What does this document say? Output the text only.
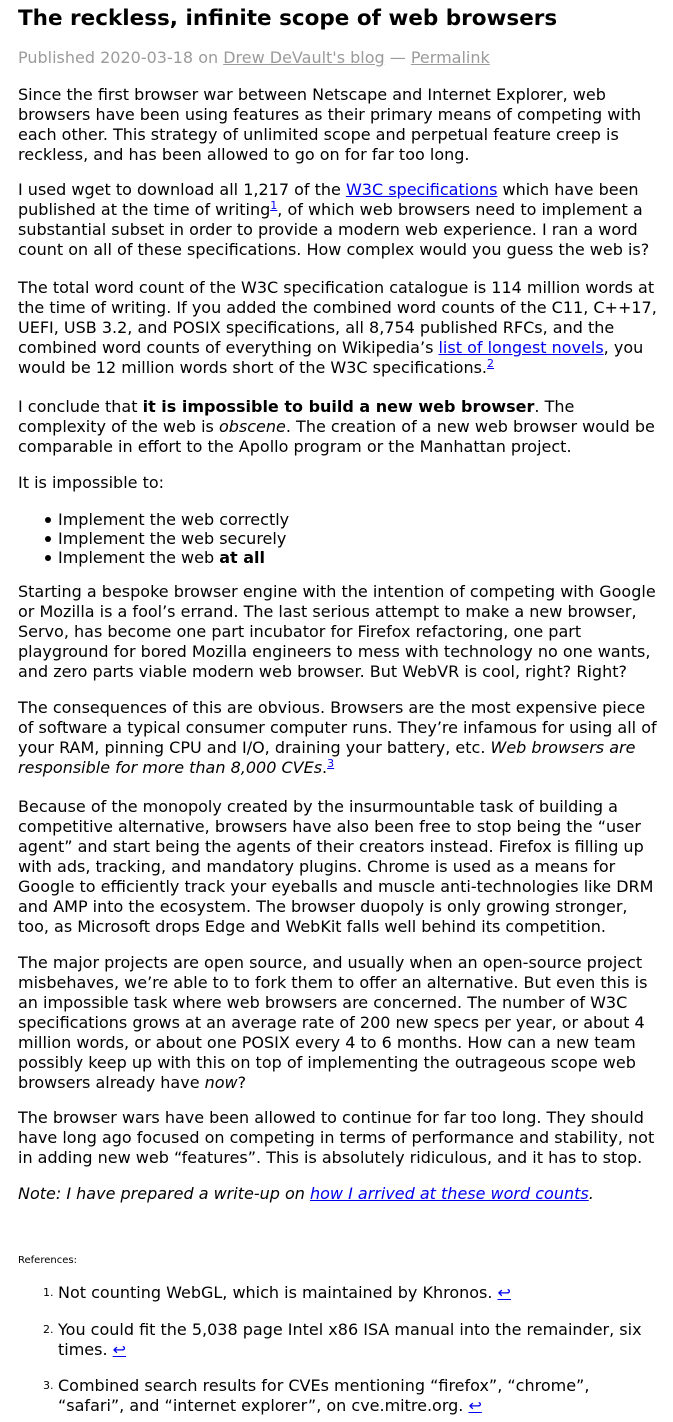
The reckless, infinite scope of web browsers
Published 2020-03-18 on Drew DeVault's blog — Permalink
Since the first browser war between Netscape and Internet Explorer, web
browsers have been using features as their primary means of competing with
each other. This strategy of unlimited scope and perpetual feature creep is
reckless, and has been allowed to go on for far too long.
I used wget to download all 1,217 of the W3C specifications which have been
published at the time of writing$^1$, of which web browsers need to implement a
substantial subset in order to provide a modern web experience. I ran a word
count on all of these specifications. How complex would you guess the web is?
The total word count of the W3C specification catalogue is 114 million words at
the time of writing. If you added the combined word counts of the C11, C++17,
UEFI, USB 3.2, and POSIX specifications, all 8,754 published RFCs, and the
combined word counts of everything on Wikipedia’s list of longest novels, you
would be 12 million words short of the W3C specifications.$^2$
I conclude that it is impossible to build a new web browser. The
complexity of the web is obscene. The creation of a new web browser would be
comparable in effort to the Apollo program or the Manhattan project.
It is impossible to:
Implement the web correctly
Implement the web securely
Implement the web at all
Starting a bespoke browser engine with the intention of competing with Google
or Mozilla is a fool’s errand. The last serious attempt to make a new browser,
Servo, has become one part incubator for Firefox refactoring, one part
playground for bored Mozilla engineers to mess with technology no one wants,
and zero parts viable modern web browser. But WebVR is cool, right? Right?
The consequences of this are obvious. Browsers are the most expensive piece
of software a typical consumer computer runs. They’re infamous for using all of
your RAM, pinning CPU and I/O, draining your battery, etc. Web browsers are
responsible for more than 8,000 CVEs.$^3$
Because of the monopoly created by the insurmountable task of building a
competitive alternative, browsers have also been free to stop being the “user
agent” and start being the agents of their creators instead. Firefox is filling up
with ads, tracking, and mandatory plugins. Chrome is used as a means for
Google to efficiently track your eyeballs and muscle anti-technologies like DRM
and AMP into the ecosystem. The browser duopoly is only growing stronger,
too, as Microsoft drops Edge and WebKit falls well behind its competition.
The major projects are open source, and usually when an open-source project
misbehaves, we’re able to to fork them to offer an alternative. But even this is
an impossible task where web browsers are concerned. The number of W3C
specifications grows at an average rate of 200 new specs per year, or about 4
million words, or about one POSIX every 4 to 6 months. How can a new team
possibly keep up with this on top of implementing the outrageous scope web
browsers already have now?
The browser wars have been allowed to continue for far too long. They should
have long ago focused on competing in terms of performance and stability, not
in adding new web “features”. This is absolutely ridiculous, and it has to stop.
Note: I have prepared a write-up on how I arrived at these word counts.
References:
1. Not counting WebGL, which is maintained by Khronos. ↩
2. You could fit the 5,038 page Intel x86 ISA manual into the remainder, six
times. ↩
3. Combined search results for CVEs mentioning “firefox”, “chrome”,
“safari”, and “internet explorer”, on cve.mitre.org. ↩
